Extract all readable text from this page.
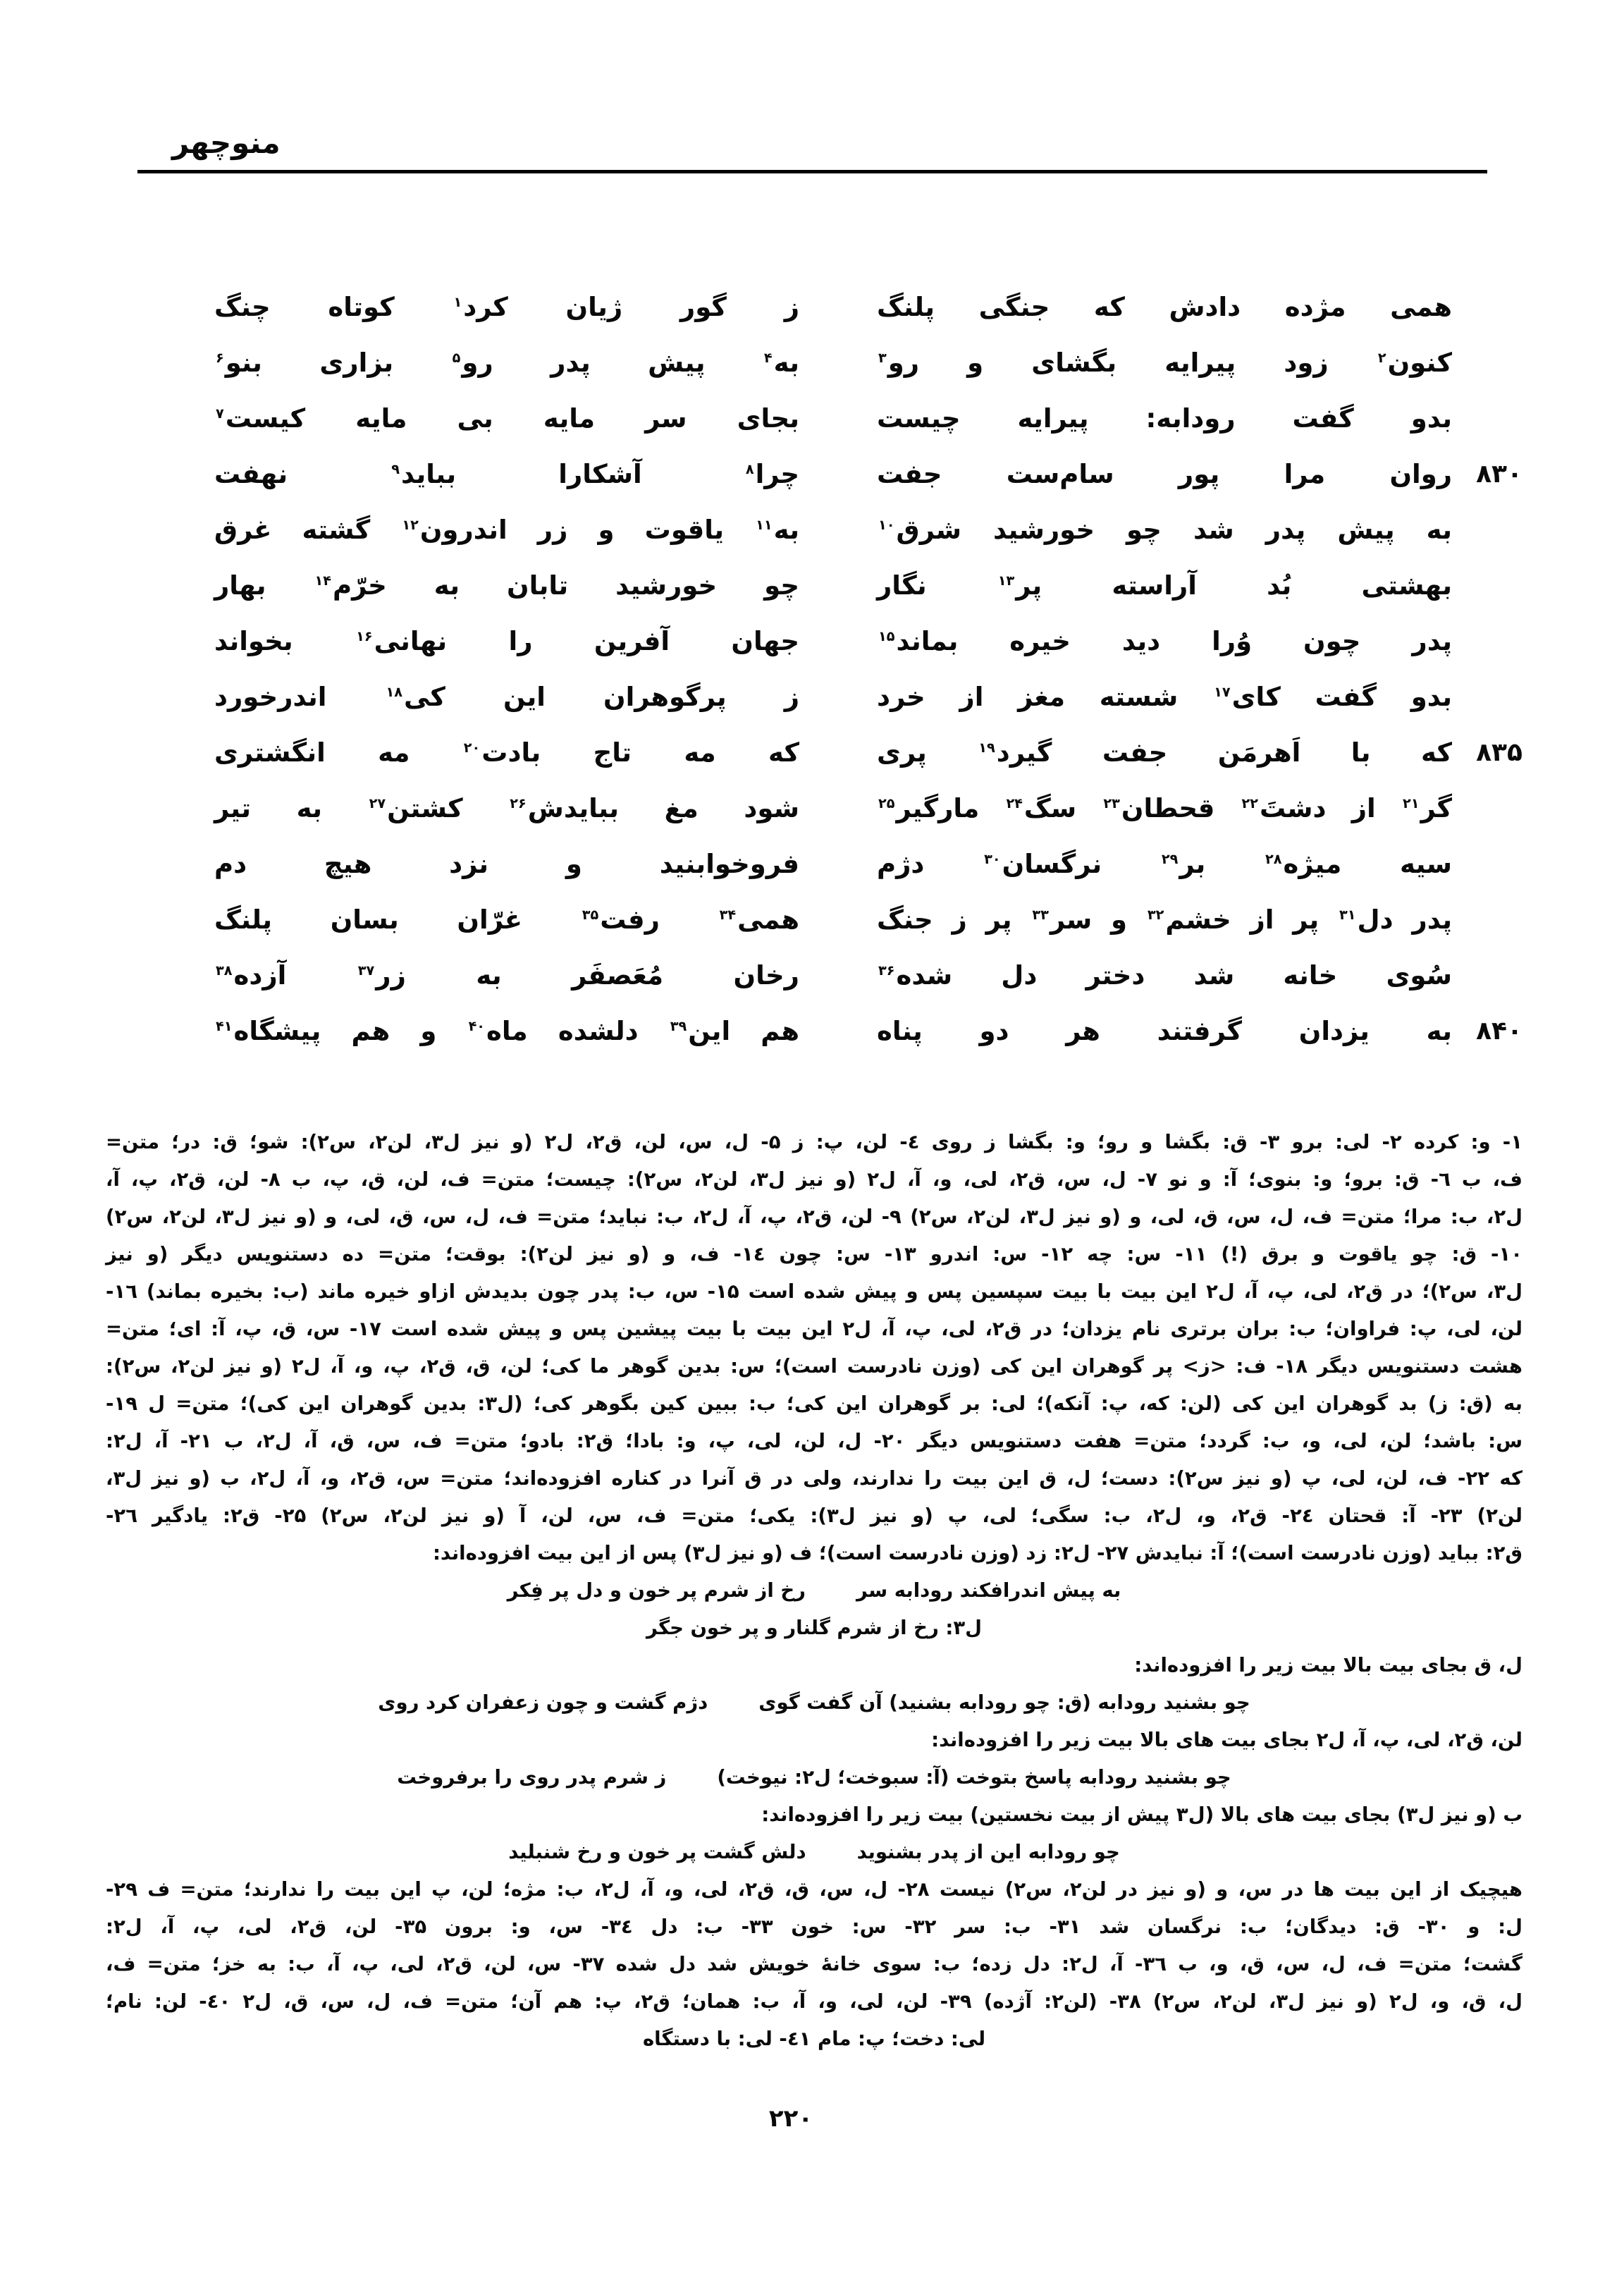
منوچهر
همی مژده دادش که جنگی پلنگ
ز گور ژیان کرد$^۱$ کوتاه چنگ
کنون$^۲$ زود پیرایه بگشای و رو$^۳$
به$^۴$ پیش پدر رو$^۵$ بزاری بنو$^۶$
بدو گفت رودابه: پیرایه چیست
بجای سر مایه بی مایه کیست$^۷$
۸۳۰
روان مرا پور سام‌ست جفت
چرا$^۸$ آشکارا بباید$^۹$ نهفت
به پیش پدر شد چو خورشید شرق$^{۱۰}$
به$^{۱۱}$ یاقوت و زر اندرون$^{۱۲}$ گشته غرق
بهشتی بُد آراسته پر$^{۱۳}$ نگار
چو خورشید تابان به خرّم$^{۱۴}$ بهار
پدر چون وُرا دید خیره بماند$^{۱۵}$
جهان آفرین را نهانی$^{۱۶}$ بخواند
بدو گفت کای$^{۱۷}$ شسته مغز از خرد
ز پرگوهران این کی$^{۱۸}$ اندرخورد
۸۳۵
که با اَهرمَن جفت گیرد$^{۱۹}$ پری
که مه تاج بادت$^{۲۰}$ مه انگشتری
گر$^{۲۱}$ از دشتَ$^{۲۲}$ قحطان$^{۲۳}$ سگ$^{۲۴}$ مارگیر$^{۲۵}$
شود مغ ببایدش$^{۲۶}$ کشتن$^{۲۷}$ به تیر
سیه میژه$^{۲۸}$ بر$^{۲۹}$ نرگسان$^{۳۰}$ دژم
فروخوابنید و نزد هیچ دم
پدر دل$^{۳۱}$ پر از خشم$^{۳۲}$ و سر$^{۳۳}$ پر ز جنگ
همی$^{۳۴}$ رفت$^{۳۵}$ غرّان بسان پلنگ
سُوی خانه شد دختر دل شده$^{۳۶}$
رخان مُعَصفَر به زر$^{۳۷}$ آزده$^{۳۸}$
۸۴۰
به یزدان گرفتند هر دو پناه
هم این$^{۳۹}$ دلشده ماه$^{۴۰}$ و هم پیشگاه$^{۴۱}$
۱- و: کرده ۲- لی: برو ۳- ق: بگشا و رو؛ و: بگشا ز روی ٤- لن، پ: ز ۵- ل، س، لن، ق۲، ل۲ (و نیز ل۳، لن۲، س۲): شو؛ ق: در؛ متن=
ف، ب ٦- ق: برو؛ و: بنوی؛ آ: و نو ۷- ل، س، ق۲، لی، و، آ، ل۲ (و نیز ل۳، لن۲، س۲): چیست؛ متن= ف، لن، ق، پ، ب ۸- لن، ق۲، پ، آ،
ل۲، ب: مرا؛ متن= ف، ل، س، ق، لی، و (و نیز ل۳، لن۲، س۲) ۹- لن، ق۲، پ، آ، ل۲، ب: نباید؛ متن= ف، ل، س، ق، لی، و (و نیز ل۳، لن۲، س۲)
۱۰- ق: چو یاقوت و برق (!) ۱۱- س: چه ۱۲- س: اندرو ۱۳- س: چون ۱٤- ف، و (و نیز لن۲): بوقت؛ متن= ده دستنویس دیگر (و نیز
ل۳، س۲)؛ در ق۲، لی، پ، آ، ل۲ این بیت با بیت سپسین پس و پیش شده است ۱۵- س، ب: پدر چون بدیدش ازاو خیره ماند (ب: بخیره بماند) ۱٦-
لن، لی، پ: فراوان؛ ب: بران برتری نام یزدان؛ در ق۲، لی، پ، آ، ل۲ این بیت با بیت پیشین پس و پیش شده است ۱۷- س، ق، پ، آ: ای؛ متن=
هشت دستنویس دیگر ۱۸- ف: <ز> پر گوهران این کی (وزن نادرست است)؛ س: بدین گوهر ما کی؛ لن، ق، ق۲، پ، و، آ، ل۲ (و نیز لن۲، س۲):
به (ق: ز) بد گوهران این کی (لن: که، پ: آنکه)؛ لی: بر گوهران این کی؛ ب: ببین کین بگوهر کی؛ (ل۳: بدین گوهران این کی)؛ متن= ل ۱۹-
س: باشد؛ لن، لی، و، ب: گردد؛ متن= هفت دستنویس دیگر ۲۰- ل، لن، لی، پ، و: بادا؛ ق۲: بادو؛ متن= ف، س، ق، آ، ل۲، ب ۲۱- آ، ل۲:
که ۲۲- ف، لن، لی، پ (و نیز س۲): دست؛ ل، ق این بیت را ندارند، ولی در ق آنرا در کناره افزوده‌اند؛ متن= س، ق۲، و، آ، ل۲، ب (و نیز ل۳،
لن۲) ۲۳- آ: قحتان ۲٤- ق۲، و، ل۲، ب: سگی؛ لی، پ (و نیز ل۳): یکی؛ متن= ف، س، لن، آ (و نیز لن۲، س۲) ۲۵- ق۲: یادگیر ۲٦-
ق۲: بباید (وزن نادرست است)؛ آ: نبایدش ۲۷- ل۲: زد (وزن نادرست است)؛ ف (و نیز ل۳) پس از این بیت افزوده‌اند:
به پیش اندرافکند رودابه سر
رخ از شرم پر خون و دل پر فِکر
ل۳: رخ از شرم گلنار و پر خون جگر
ل، ق بجای بیت بالا بیت زیر را افزوده‌اند:
چو بشنید رودابه (ق: چو رودابه بشنید) آن گفت گوی
دژم گشت و چون زعفران کرد روی
لن، ق۲، لی، پ، آ، ل۲ بجای بیت های بالا بیت زیر را افزوده‌اند:
چو بشنید رودابه پاسخ بتوخت (آ: سبوخت؛ ل۲: نیوخت)
ز شرم پدر روی را برفروخت
ب (و نیز ل۳) بجای بیت های بالا (ل۳ پیش از بیت نخستین) بیت زیر را افزوده‌اند:
چو رودابه این از پدر بشنوید
دلش گشت پر خون و رخ شنبلید
هیچیک از این بیت ها در س، و (و نیز در لن۲، س۲) نیست ۲۸- ل، س، ق، ق۲، لی، و، آ، ل۲، ب: مژه؛ لن، پ این بیت را ندارند؛ متن= ف ۲۹-
ل: و ۳۰- ق: دیدگان؛ ب: نرگسان شد ۳۱- ب: سر ۳۲- س: خون ۳۳- ب: دل ۳٤- س، و: برون ۳۵- لن، ق۲، لی، پ، آ، ل۲:
گشت؛ متن= ف، ل، س، ق، و، ب ۳٦- آ، ل۲: دل زده؛ ب: سوی خانهٔ خویش شد دل شده ۳۷- س، لن، ق۲، لی، پ، آ، ب: به خز؛ متن= ف،
ل، ق، و، ل۲ (و نیز ل۳، لن۲، س۲) ۳۸- (لن۲: آژده) ۳۹- لن، لی، و، آ، ب: همان؛ ق۲، پ: هم آن؛ متن= ف، ل، س، ق، ل۲ ٤۰- لن: نام؛
لی: دخت؛ پ: مام ٤۱- لی: با دستگاه
۲۲۰
